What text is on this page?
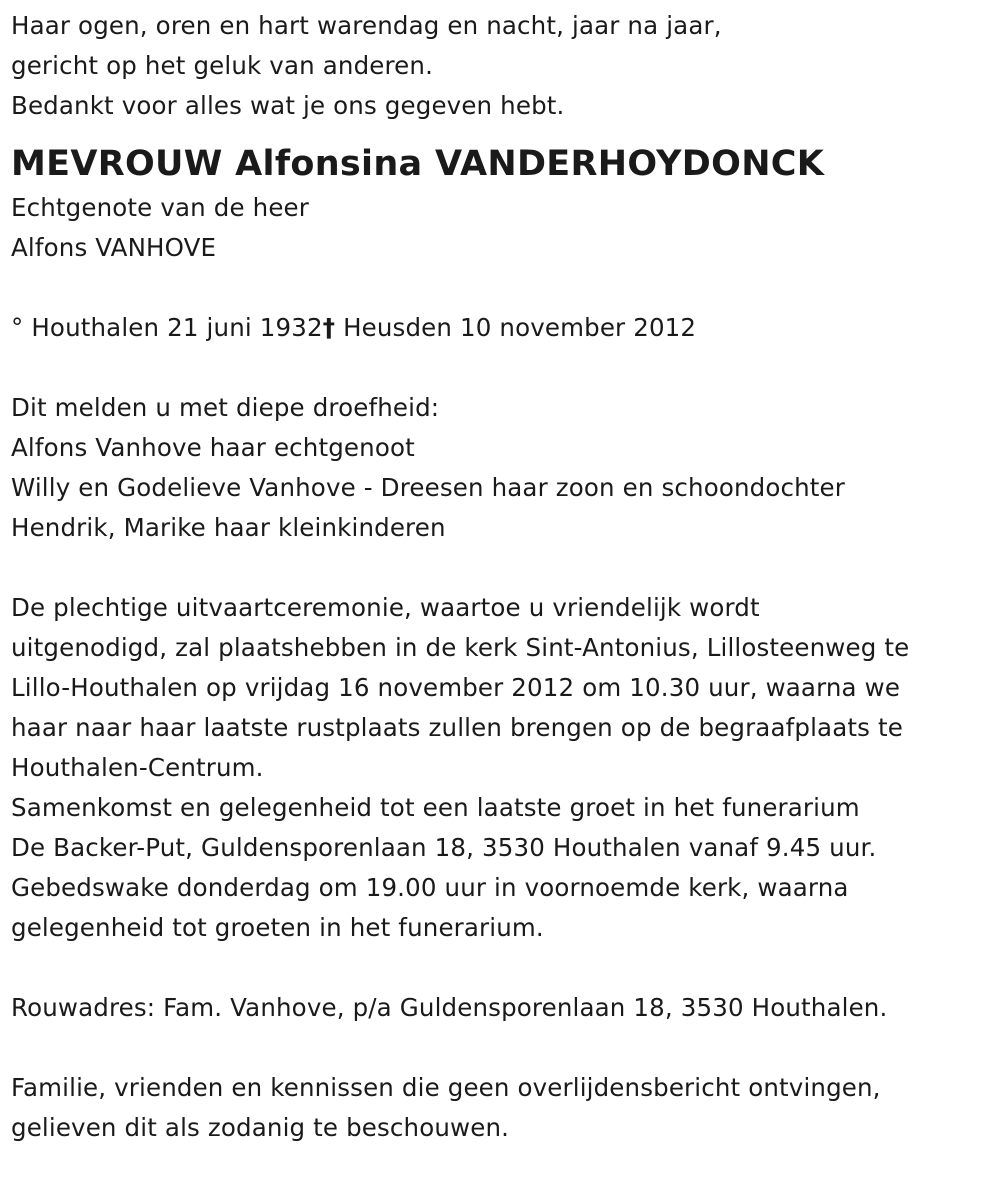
Haar ogen, oren en hart warendag en nacht, jaar na jaar,
gericht op het geluk van anderen.
Bedankt voor alles wat je ons gegeven hebt.
MEVROUW Alfonsina VANDERHOYDONCK
Echtgenote van de heer
Alfons VANHOVE
° Houthalen 21 juni 1932† Heusden 10 november 2012
Dit melden u met diepe droefheid:
Alfons Vanhove haar echtgenoot
Willy en Godelieve Vanhove - Dreesen haar zoon en schoondochter
Hendrik, Marike haar kleinkinderen
De plechtige uitvaartceremonie, waartoe u vriendelijk wordt
uitgenodigd, zal plaatshebben in de kerk Sint-Antonius, Lillosteenweg te
Lillo-Houthalen op vrijdag 16 november 2012 om 10.30 uur, waarna we
haar naar haar laatste rustplaats zullen brengen op de begraafplaats te
Houthalen-Centrum.
Samenkomst en gelegenheid tot een laatste groet in het funerarium
De Backer-Put, Guldensporenlaan 18, 3530 Houthalen vanaf 9.45 uur.
Gebedswake donderdag om 19.00 uur in voornoemde kerk, waarna
gelegenheid tot groeten in het funerarium.
Rouwadres: Fam. Vanhove, p/a Guldensporenlaan 18, 3530 Houthalen.
Familie, vrienden en kennissen die geen overlijdensbericht ontvingen,
gelieven dit als zodanig te beschouwen.
